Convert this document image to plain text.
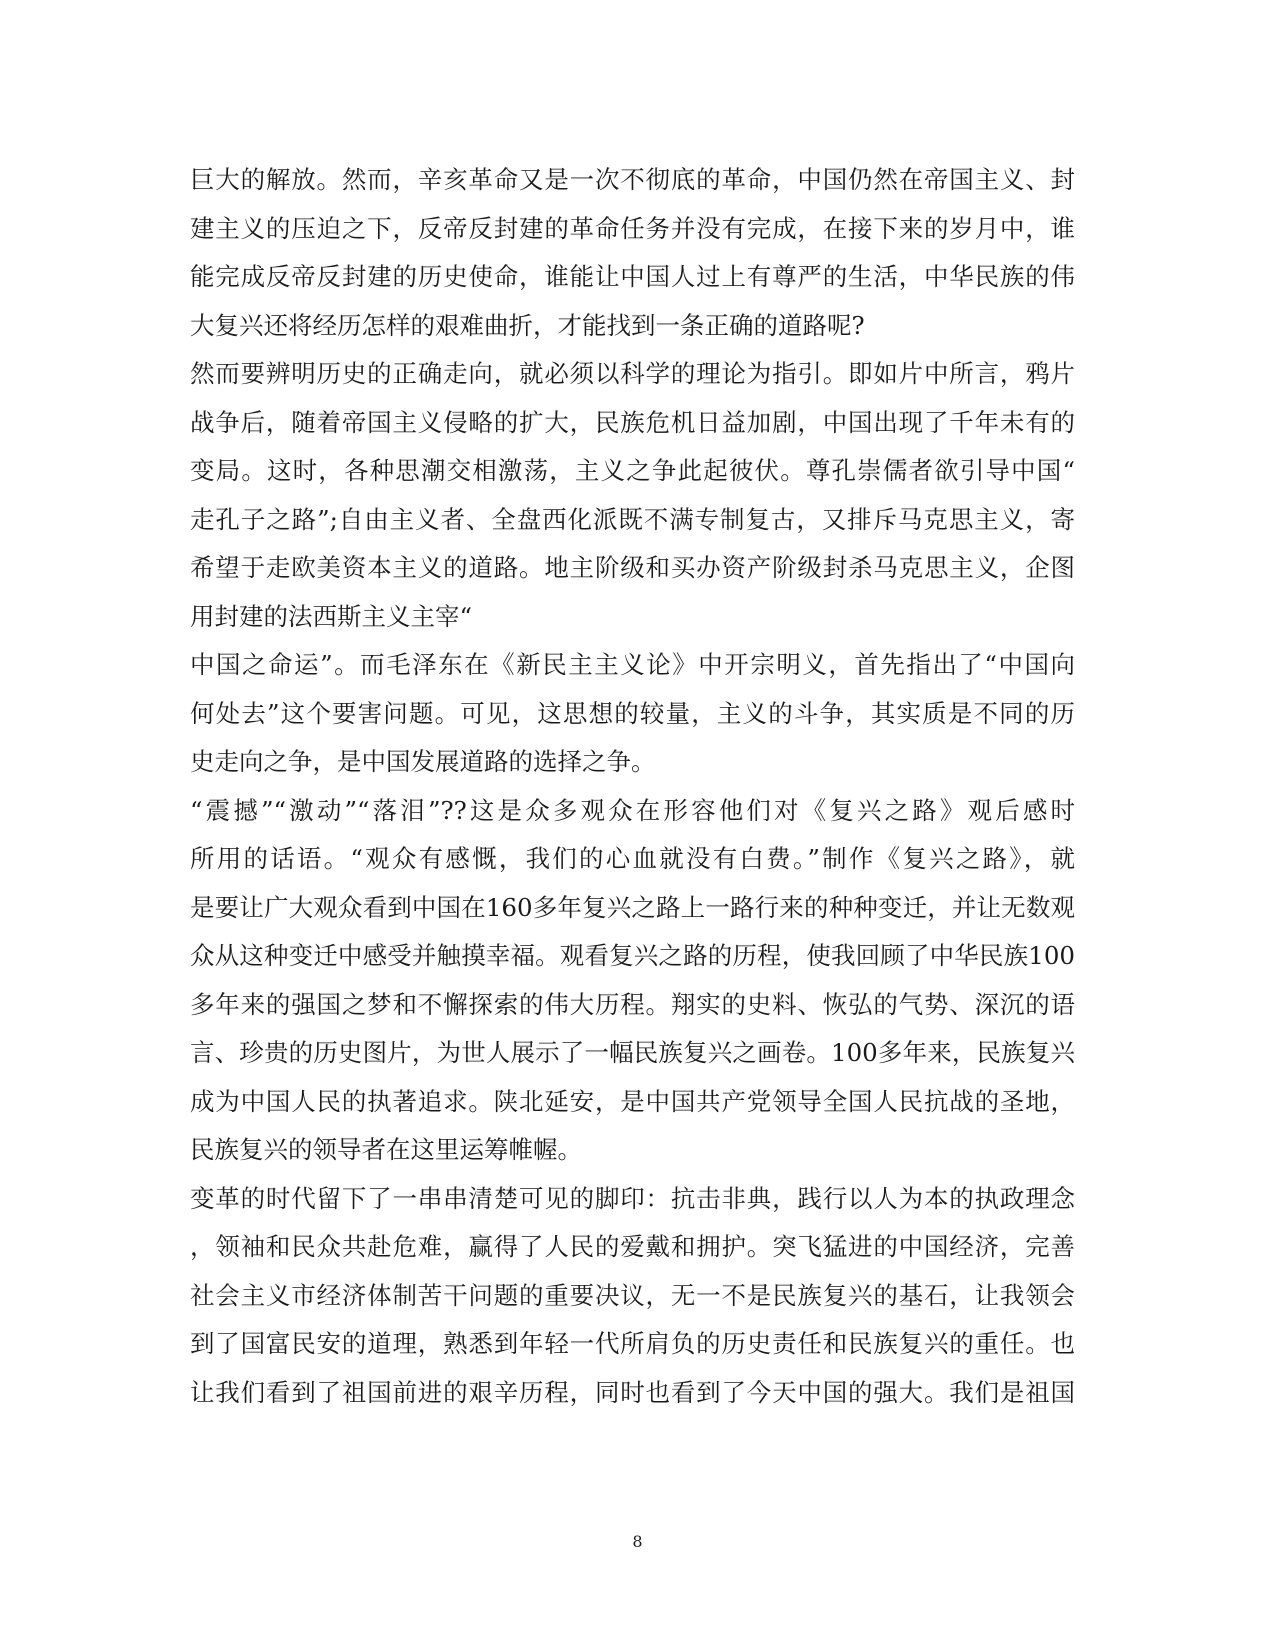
巨大的解放。然而，辛亥革命又是一次不彻底的革命，中国仍然在帝国主义、封
建主义的压迫之下，反帝反封建的革命任务并没有完成，在接下来的岁月中，谁
能完成反帝反封建的历史使命，谁能让中国人过上有尊严的生活，中华民族的伟
大复兴还将经历怎样的艰难曲折，才能找到一条正确的道路呢?
然而要辨明历史的正确走向，就必须以科学的理论为指引。即如片中所言，鸦片
战争后，随着帝国主义侵略的扩大，民族危机日益加剧，中国出现了千年未有的
变局。这时，各种思潮交相激荡，主义之争此起彼伏。尊孔崇儒者欲引导中国“
走孔子之路”;自由主义者、全盘西化派既不满专制复古，又排斥马克思主义，寄
希望于走欧美资本主义的道路。地主阶级和买办资产阶级封杀马克思主义，企图
用封建的法西斯主义主宰“
中国之命运”。而毛泽东在《新民主主义论》中开宗明义，首先指出了“中国向
何处去”这个要害问题。可见，这思想的较量，主义的斗争，其实质是不同的历
史走向之争，是中国发展道路的选择之争。
“震撼”“激动”“落泪”??这是众多观众在形容他们对《复兴之路》观后感时
所用的话语。“观众有感慨，我们的心血就没有白费。”制作《复兴之路》，就
是要让广大观众看到中国在160多年复兴之路上一路行来的种种变迁，并让无数观
众从这种变迁中感受并触摸幸福。观看复兴之路的历程，使我回顾了中华民族100
多年来的强国之梦和不懈探索的伟大历程。翔实的史料、恢弘的气势、深沉的语
言、珍贵的历史图片，为世人展示了一幅民族复兴之画卷。100多年来，民族复兴
成为中国人民的执著追求。陕北延安，是中国共产党领导全国人民抗战的圣地，
民族复兴的领导者在这里运筹帷幄。
变革的时代留下了一串串清楚可见的脚印：抗击非典，践行以人为本的执政理念
，领袖和民众共赴危难，赢得了人民的爱戴和拥护。突飞猛进的中国经济，完善
社会主义市经济体制苦干问题的重要决议，无一不是民族复兴的基石，让我领会
到了国富民安的道理，熟悉到年轻一代所肩负的历史责任和民族复兴的重任。也
让我们看到了祖国前进的艰辛历程，同时也看到了今天中国的强大。我们是祖国
8
